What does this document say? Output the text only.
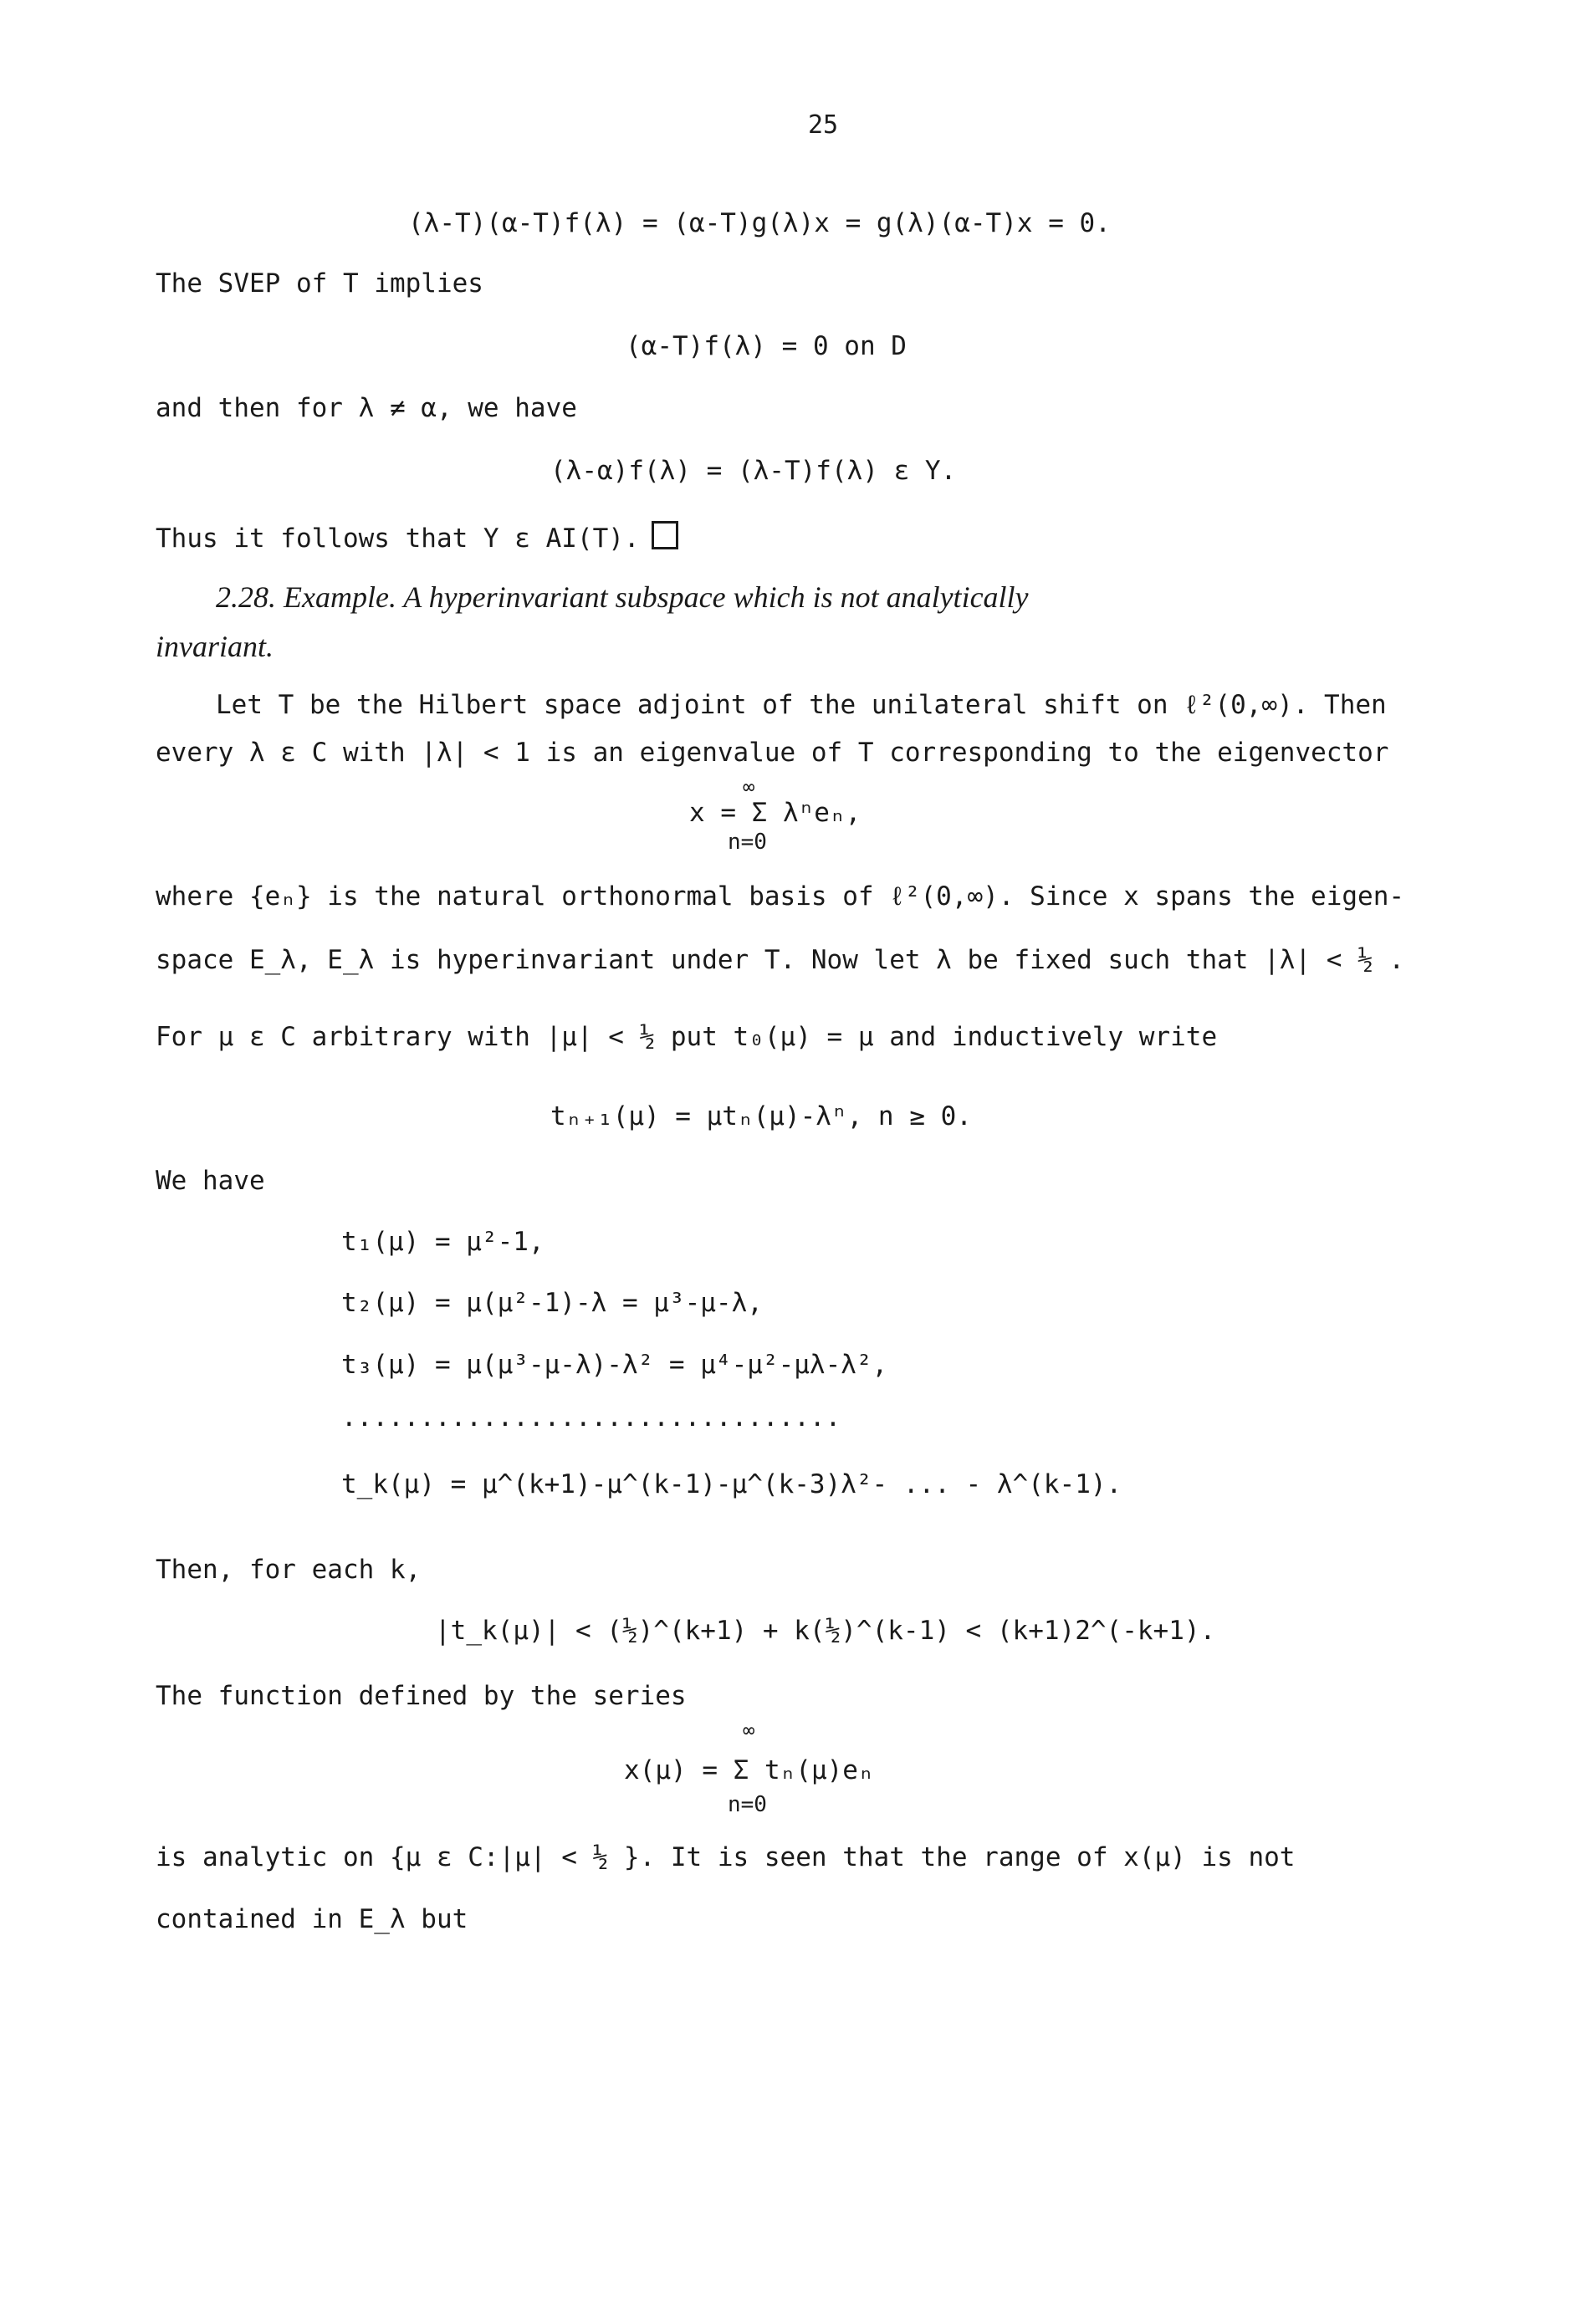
25
(λ-T)(α-T)f(λ) = (α-T)g(λ)x = g(λ)(α-T)x = 0.
The SVEP of T implies
(α-T)f(λ) = 0 on D
and then for λ ≠ α, we have
(λ-α)f(λ) = (λ-T)f(λ) ε Y.
Thus it follows that Y ε AI(T).
2.28. Example. A hyperinvariant subspace which is not analytically
invariant.
Let T be the Hilbert space adjoint of the unilateral shift on ℓ²(0,∞). Then
every λ ε C with |λ| < 1 is an eigenvalue of T corresponding to the eigenvector
∞
x = Σ λⁿeₙ,
n=0
where {eₙ} is the natural orthonormal basis of ℓ²(0,∞). Since x spans the eigen-
space E_λ, E_λ is hyperinvariant under T. Now let λ be fixed such that |λ| < ½ .
For μ ε C arbitrary with |μ| < ½ put t₀(μ) = μ and inductively write
tₙ₊₁(μ) = μtₙ(μ)-λⁿ, n ≥ 0.
We have
t₁(μ) = μ²-1,
t₂(μ) = μ(μ²-1)-λ = μ³-μ-λ,
t₃(μ) = μ(μ³-μ-λ)-λ² = μ⁴-μ²-μλ-λ²,
................................
t_k(μ) = μ^(k+1)-μ^(k-1)-μ^(k-3)λ²- ... - λ^(k-1).
Then, for each k,
|t_k(μ)| < (½)^(k+1) + k(½)^(k-1) < (k+1)2^(-k+1).
The function defined by the series
∞
x(μ) = Σ tₙ(μ)eₙ
n=0
is analytic on {μ ε C:|μ| < ½ }. It is seen that the range of x(μ) is not
contained in E_λ but
